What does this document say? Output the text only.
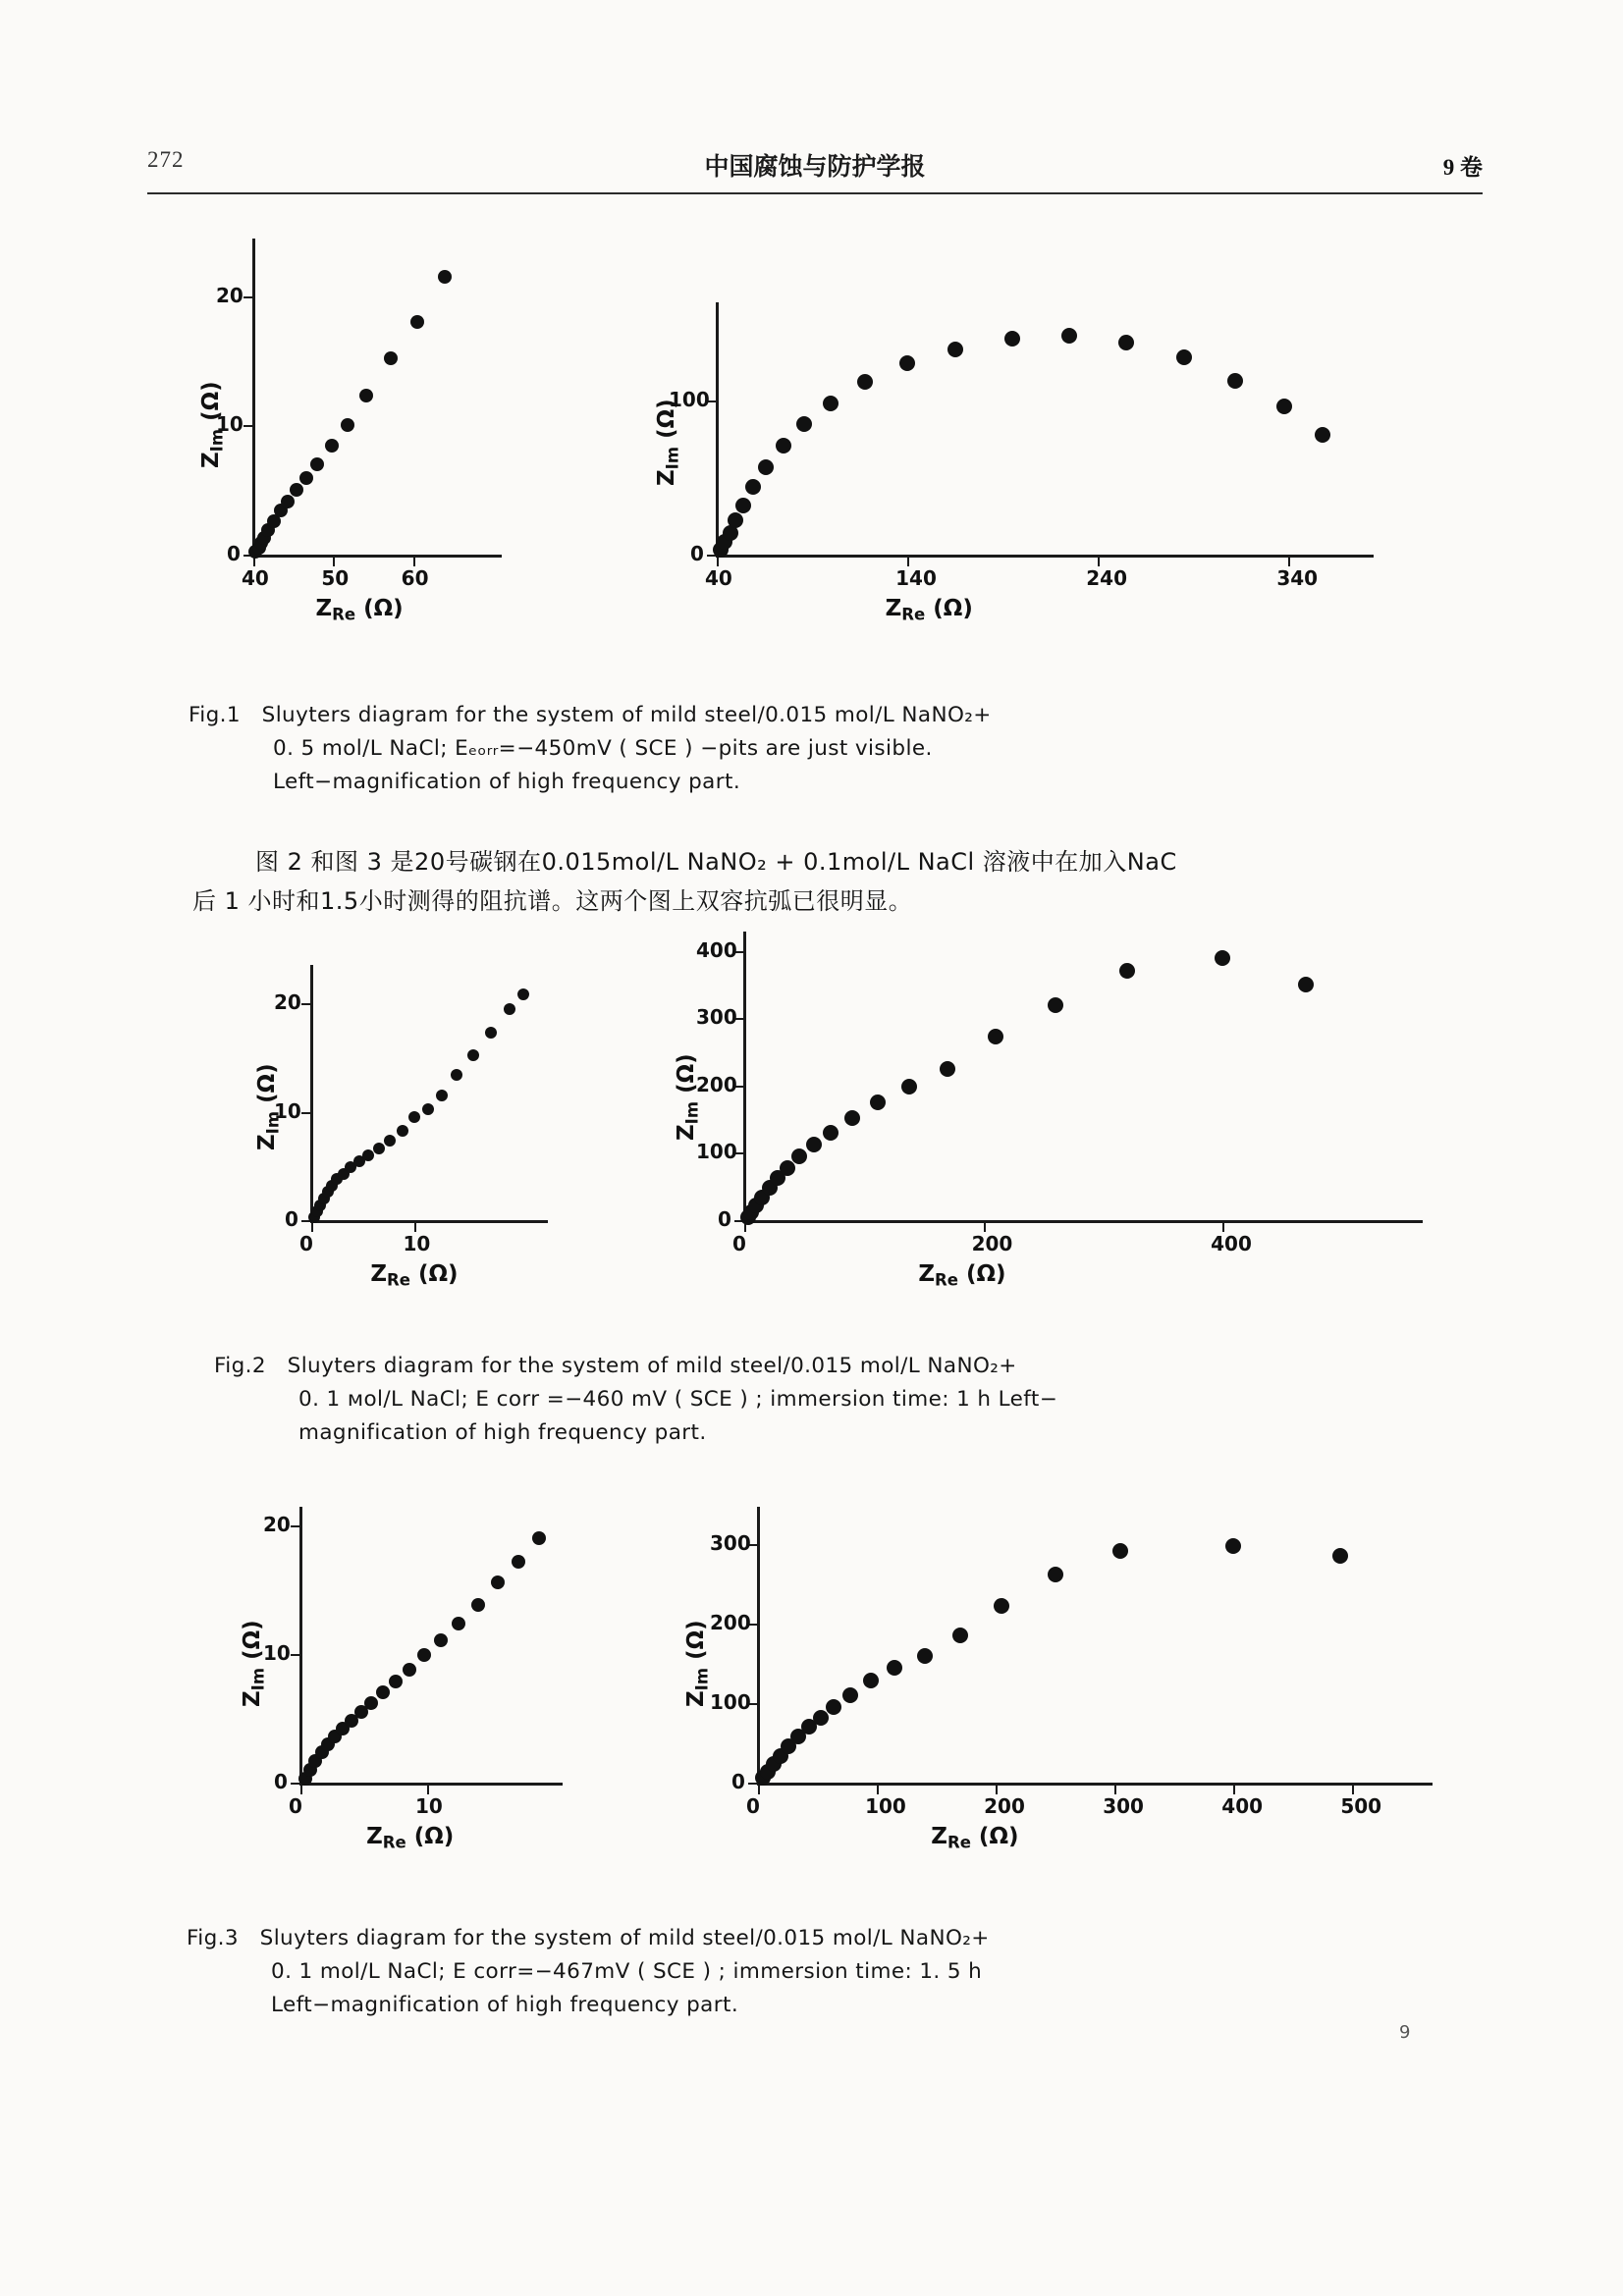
272	中国腐蚀与防护学报	9 卷
40	50	60
0
10
20
$Z_{Im}$ (Ω)
$Z_{Re}$ (Ω)
40	140	240	340
0
100
$Z_{Im}$ (Ω)
$Z_{Re}$ (Ω)
Fig.1 Sluyters diagram for the system of mild steel/0.015 mol/L NaNO₂+
0. 5 mol/L NaCl; Eₑₒᵣᵣ=−450mV ( SCE ) −pits are just visible.
Left−magnification of high frequency part.
图 2 和图 3 是20号碳钢在0.015mol/L NaNO₂ + 0.1mol/L NaCl 溶液中在加入NaC
后 1 小时和1.5小时测得的阻抗谱。这两个图上双容抗弧已很明显。
0	10
0
10
20
$Z_{Im}$ (Ω)
$Z_{Re}$ (Ω)
0	200	400
0
100
200
300
400
$Z_{Im}$ (Ω)
$Z_{Re}$ (Ω)
Fig.2 Sluyters diagram for the system of mild steel/0.015 mol/L NaNO₂+
0. 1 ᴍᴏl/L NaCl; E corr =−460 mV ( SCE ) ; immersion time: 1 h Left−
magnification of high frequency part.
0	10
0
10
20
$Z_{Im}$ (Ω)
$Z_{Re}$ (Ω)
0	100	200	300	400	500
0
100
200
300
$Z_{Im}$ (Ω)
$Z_{Re}$ (Ω)
Fig.3 Sluyters diagram for the system of mild steel/0.015 mol/L NaNO₂+
0. 1 mol/L NaCl; E corr=−467mV ( SCE ) ; immersion time: 1. 5 h
Left−magnification of high frequency part.
9
